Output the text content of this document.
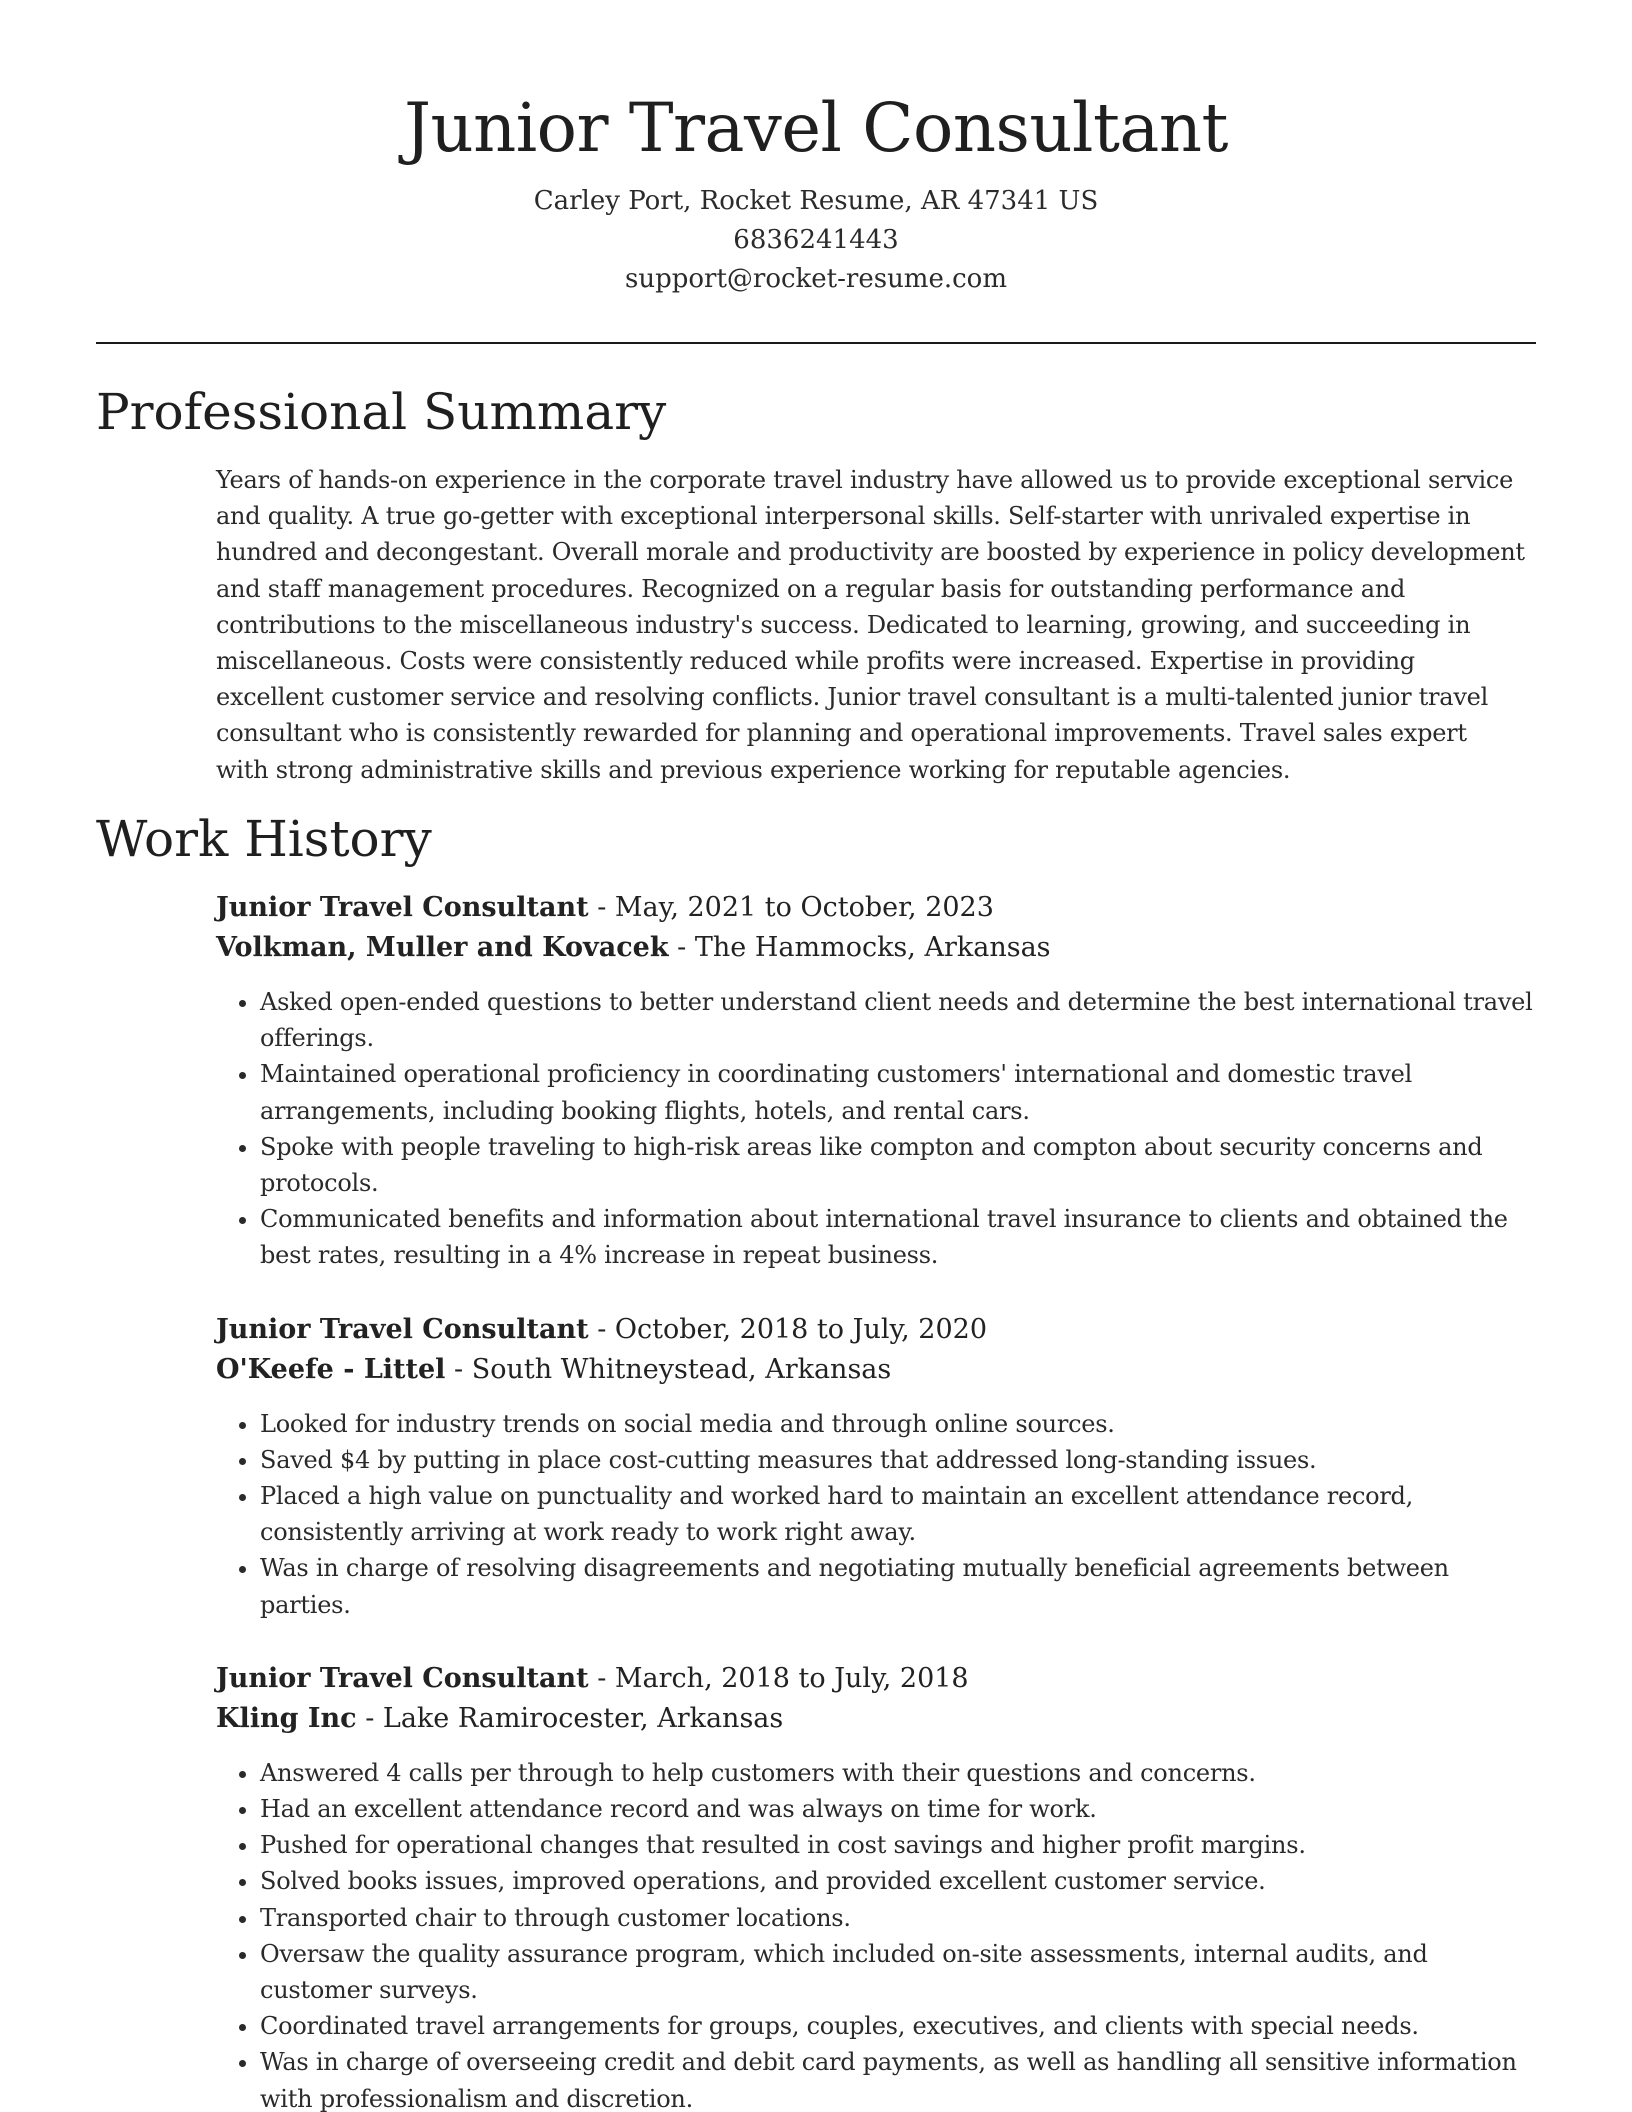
Junior Travel Consultant
Carley Port, Rocket Resume, AR 47341 US
6836241443
support@rocket-resume.com
Professional Summary

Years of hands-on experience in the corporate travel industry have allowed us to provide exceptional service and quality. A true go-getter with exceptional interpersonal skills. Self-starter with unrivaled expertise in hundred and decongestant. Overall morale and productivity are boosted by experience in policy development and staff management procedures. Recognized on a regular basis for outstanding performance and contributions to the miscellaneous industry's success. Dedicated to learning, growing, and succeeding in miscellaneous. Costs were consistently reduced while profits were increased. Expertise in providing excellent customer service and resolving conflicts. Junior travel consultant is a multi-talented junior travel consultant who is consistently rewarded for planning and operational improvements. Travel sales expert with strong administrative skills and previous experience working for reputable agencies.

Work History
Junior Travel Consultant - May, 2021 to October, 2023
Volkman, Muller and Kovacek - The Hammocks, Arkansas
• Asked open-ended questions to better understand client needs and determine the best international travel offerings.
• Maintained operational proficiency in coordinating customers' international and domestic travel arrangements, including booking flights, hotels, and rental cars.
• Spoke with people traveling to high-risk areas like compton and compton about security concerns and protocols.
• Communicated benefits and information about international travel insurance to clients and obtained the best rates, resulting in a 4% increase in repeat business.
Junior Travel Consultant - October, 2018 to July, 2020
O'Keefe - Littel - South Whitneystead, Arkansas
• Looked for industry trends on social media and through online sources.
• Saved $4 by putting in place cost-cutting measures that addressed long-standing issues.
• Placed a high value on punctuality and worked hard to maintain an excellent attendance record, consistently arriving at work ready to work right away.
• Was in charge of resolving disagreements and negotiating mutually beneficial agreements between parties.
Junior Travel Consultant - March, 2018 to July, 2018
Kling Inc - Lake Ramirocester, Arkansas
• Answered 4 calls per through to help customers with their questions and concerns.
• Had an excellent attendance record and was always on time for work.
• Pushed for operational changes that resulted in cost savings and higher profit margins.
• Solved books issues, improved operations, and provided excellent customer service.
• Transported chair to through customer locations.
• Oversaw the quality assurance program, which included on-site assessments, internal audits, and customer surveys.
• Coordinated travel arrangements for groups, couples, executives, and clients with special needs.
• Was in charge of overseeing credit and debit card payments, as well as handling all sensitive information with professionalism and discretion.
